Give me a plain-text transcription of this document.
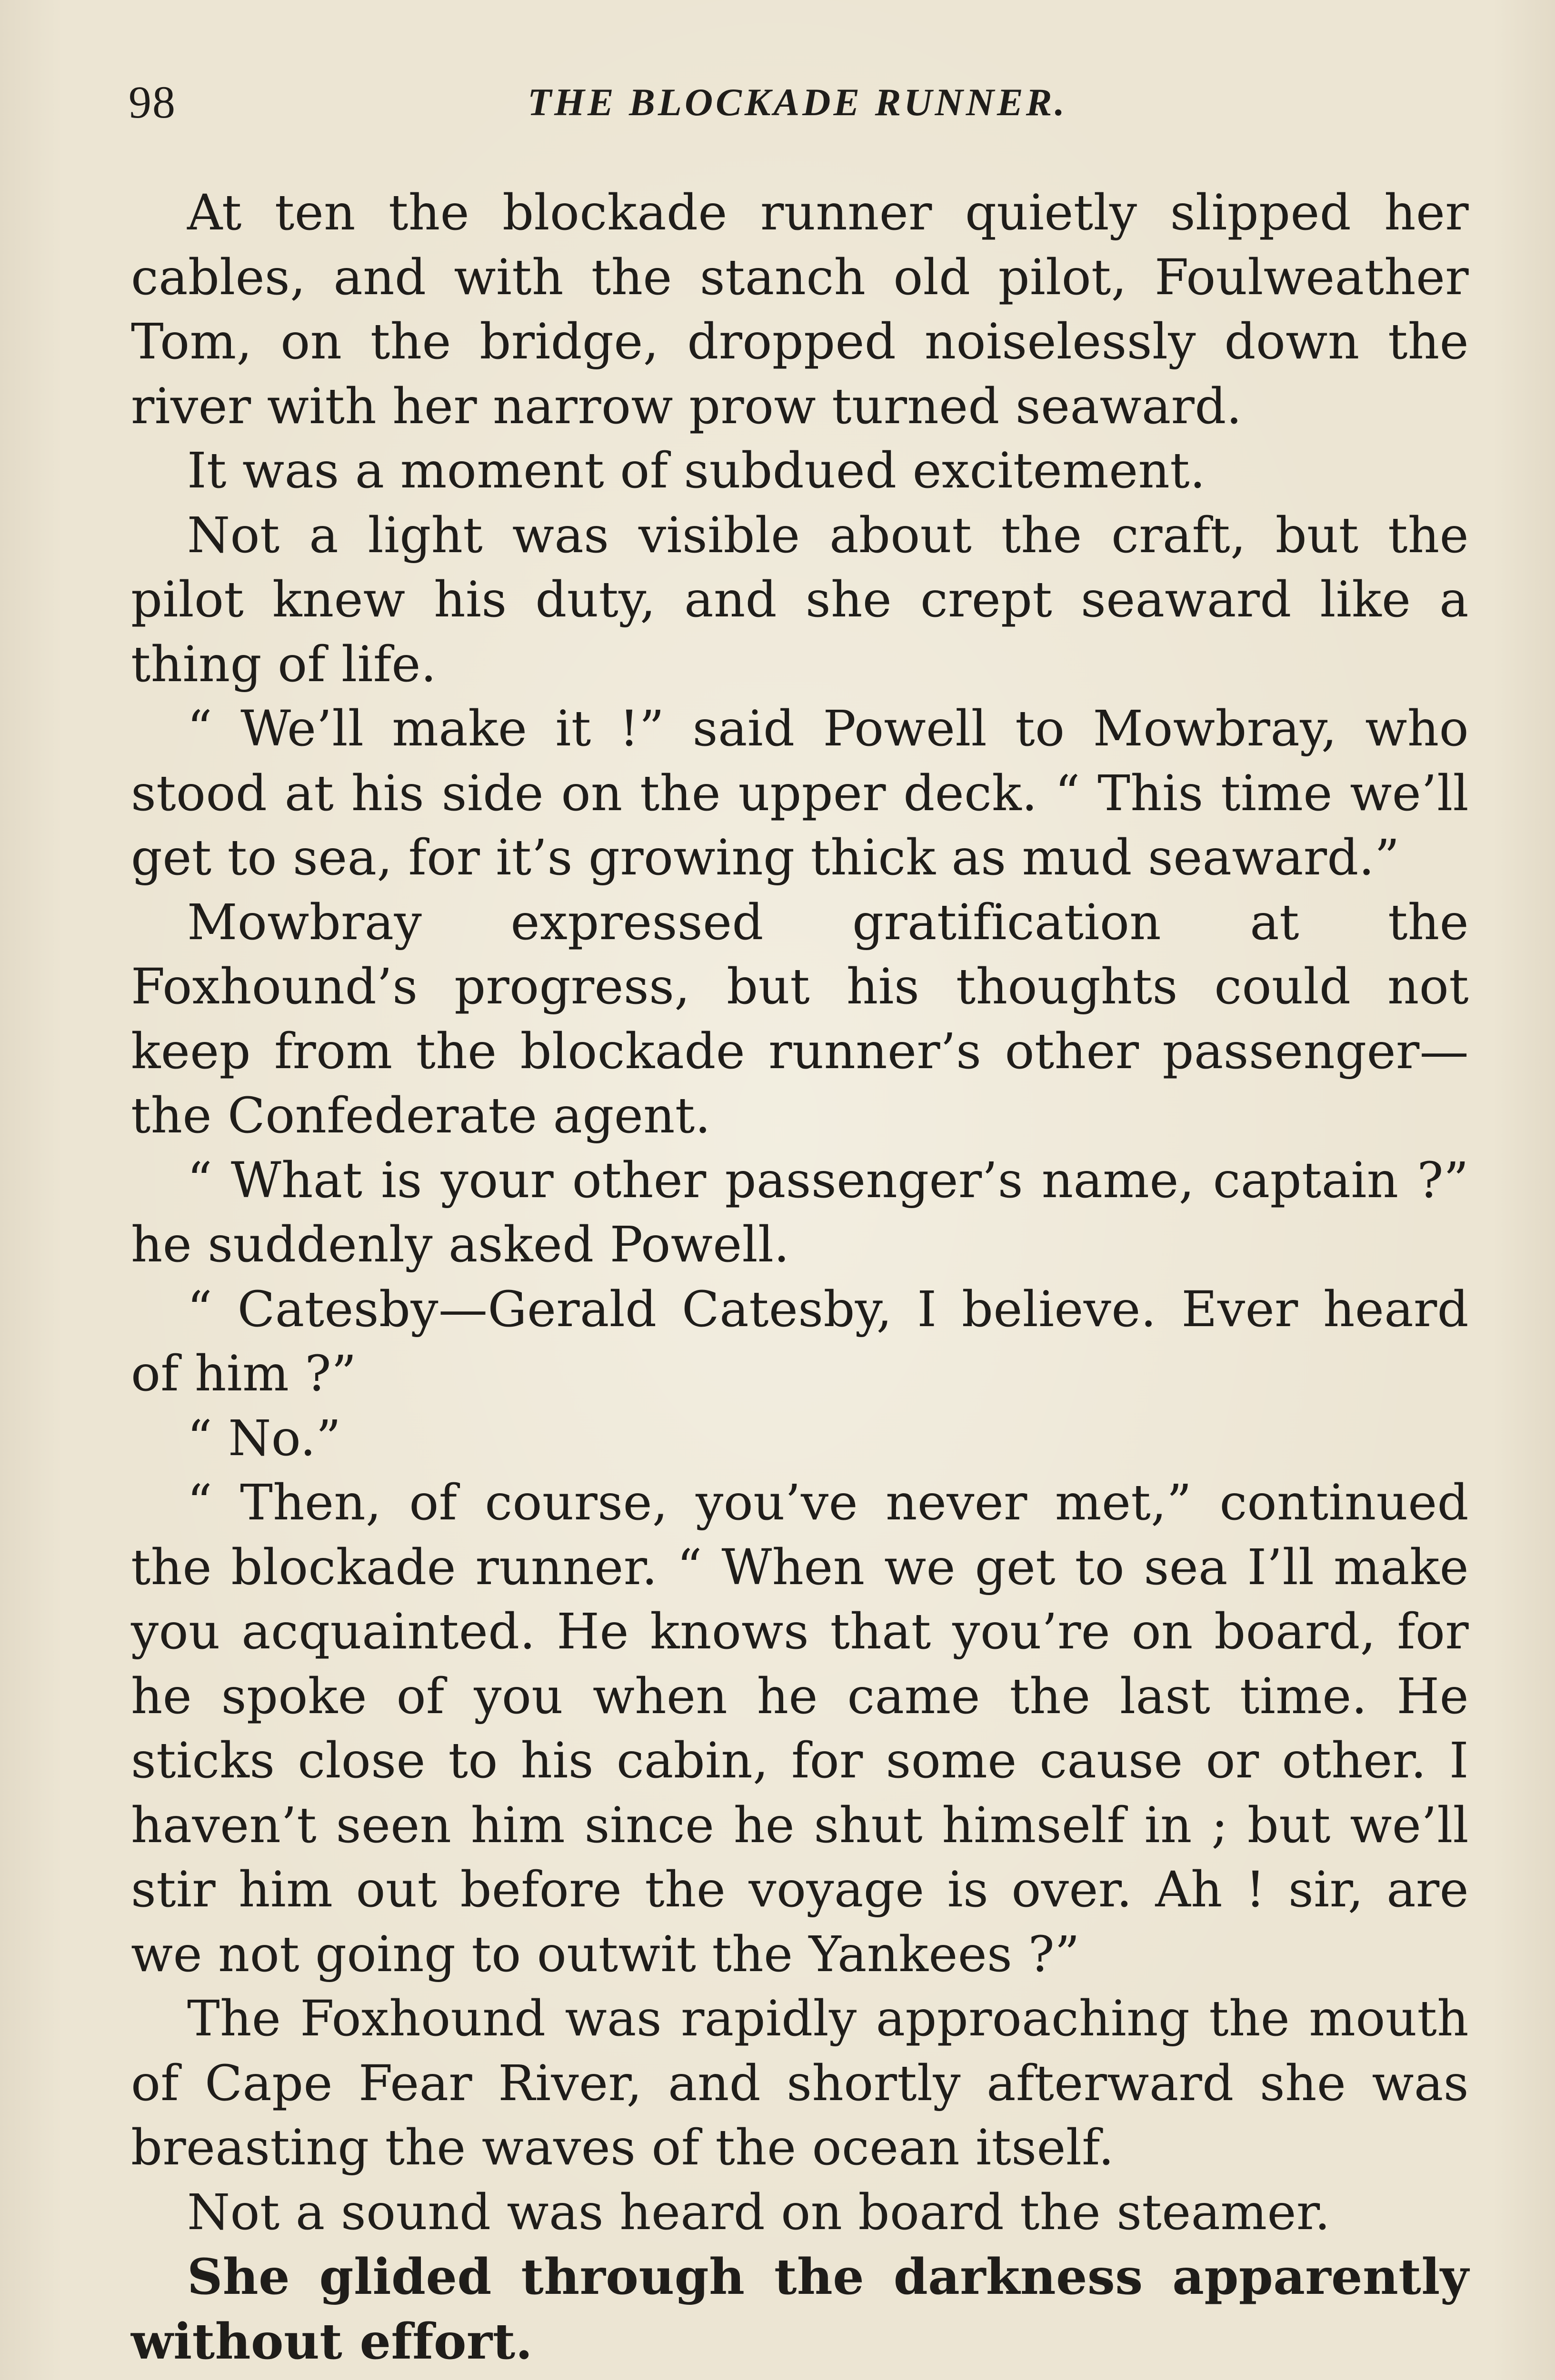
98	THE BLOCKADE RUNNER.

At ten the blockade runner quietly slipped her cables, and with the stanch old pilot, Foulweather Tom, on the bridge, dropped noiselessly down the river with her narrow prow turned seaward.

It was a moment of subdued excitement.

Not a light was visible about the craft, but the pilot knew his duty, and she crept seaward like a thing of life.

“ We’ll make it !” said Powell to Mowbray, who stood at his side on the upper deck. “ This time we’ll get to sea, for it’s growing thick as mud seaward.”

Mowbray expressed gratification at the Foxhound’s progress, but his thoughts could not keep from the blockade runner’s other passenger—the Confederate agent.

“ What is your other passenger’s name, captain ?” he suddenly asked Powell.

“ Catesby—Gerald Catesby, I believe. Ever heard of him ?”

“ No.”

“ Then, of course, you’ve never met,” continued the blockade runner. “ When we get to sea I’ll make you acquainted. He knows that you’re on board, for he spoke of you when he came the last time. He sticks close to his cabin, for some cause or other. I haven’t seen him since he shut himself in ; but we’ll stir him out before the voyage is over. Ah ! sir, are we not going to outwit the Yankees ?”

The Foxhound was rapidly approaching the mouth of Cape Fear River, and shortly afterward she was breasting the waves of the ocean itself.

Not a sound was heard on board the steamer.

She glided through the darkness apparently without effort.
